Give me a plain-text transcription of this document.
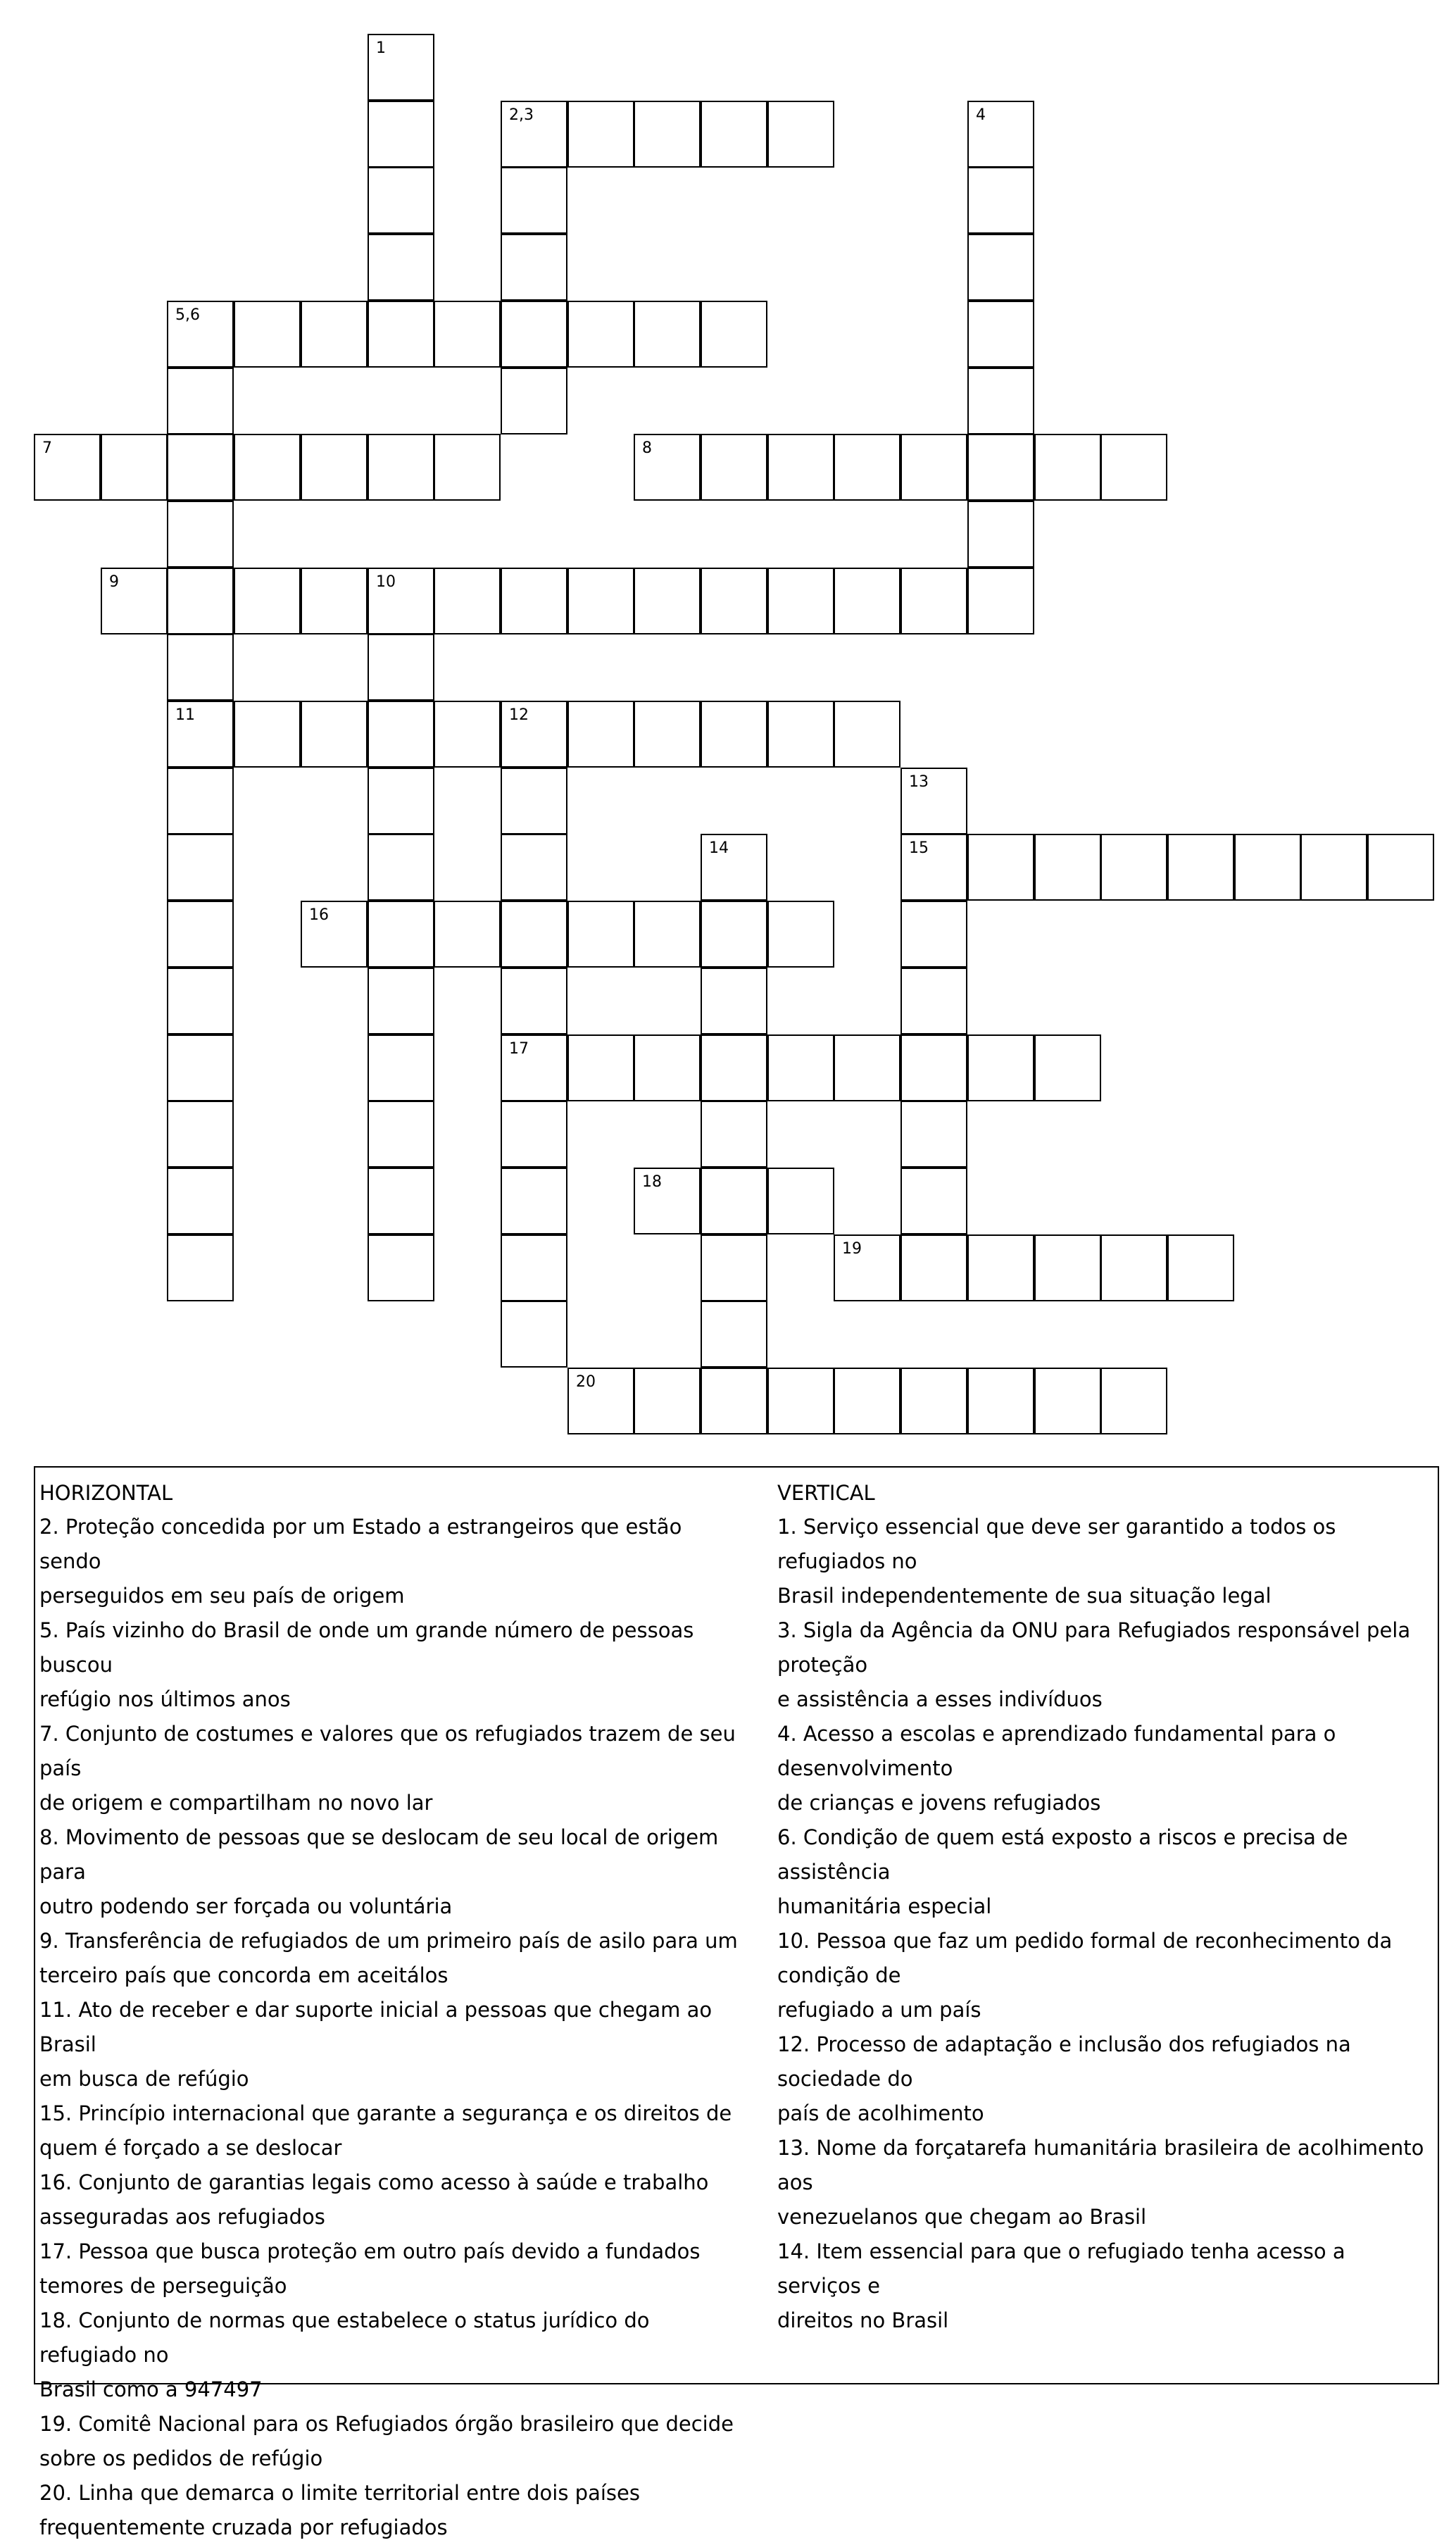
1
2,3	4
5,6
7	8
9	10
11	12
13
14	15
16
17
18
19
20
HORIZONTAL
2. Proteção concedida por um Estado a estrangeiros que estão sendo
perseguidos em seu país de origem
5. País vizinho do Brasil de onde um grande número de pessoas buscou
refúgio nos últimos anos
7. Conjunto de costumes e valores que os refugiados trazem de seu país
de origem e compartilham no novo lar
8. Movimento de pessoas que se deslocam de seu local de origem para
outro podendo ser forçada ou voluntária
9. Transferência de refugiados de um primeiro país de asilo para um
terceiro país que concorda em aceitálos
11. Ato de receber e dar suporte inicial a pessoas que chegam ao Brasil
em busca de refúgio
15. Princípio internacional que garante a segurança e os direitos de
quem é forçado a se deslocar
16. Conjunto de garantias legais como acesso à saúde e trabalho
asseguradas aos refugiados
17. Pessoa que busca proteção em outro país devido a fundados
temores de perseguição
18. Conjunto de normas que estabelece o status jurídico do refugiado no
Brasil como a 947497
19. Comitê Nacional para os Refugiados órgão brasileiro que decide
sobre os pedidos de refúgio
20. Linha que demarca o limite territorial entre dois países
frequentemente cruzada por refugiados
VERTICAL
1. Serviço essencial que deve ser garantido a todos os refugiados no
Brasil independentemente de sua situação legal
3. Sigla da Agência da ONU para Refugiados responsável pela proteção
e assistência a esses indivíduos
4. Acesso a escolas e aprendizado fundamental para o desenvolvimento
de crianças e jovens refugiados
6. Condição de quem está exposto a riscos e precisa de assistência
humanitária especial
10. Pessoa que faz um pedido formal de reconhecimento da condição de
refugiado a um país
12. Processo de adaptação e inclusão dos refugiados na sociedade do
país de acolhimento
13. Nome da forçatarefa humanitária brasileira de acolhimento aos
venezuelanos que chegam ao Brasil
14. Item essencial para que o refugiado tenha acesso a serviços e
direitos no Brasil
